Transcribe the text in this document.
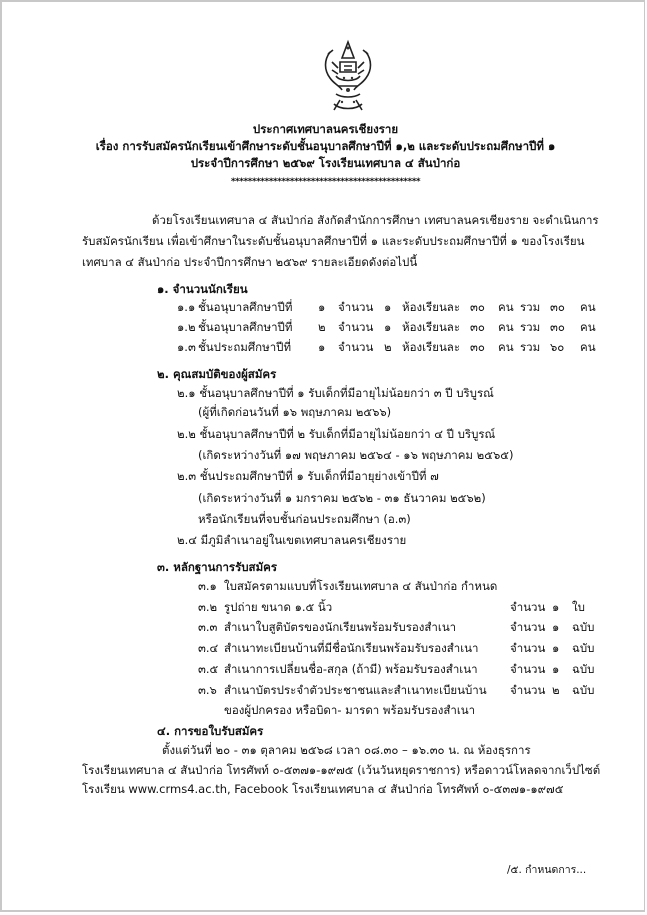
ประกาศเทศบาลนครเชียงราย
เรื่อง การรับสมัครนักเรียนเข้าศึกษาระดับชั้นอนุบาลศึกษาปีที่ ๑,๒ และระดับประถมศึกษาปีที่ ๑
ประจำปีการศึกษา ๒๕๖๙ โรงเรียนเทศบาล ๔ สันป่าก่อ
*********************************************
ด้วยโรงเรียนเทศบาล ๔ สันป่าก่อ สังกัดสำนักการศึกษา เทศบาลนครเชียงราย จะดำเนินการ
รับสมัครนักเรียน เพื่อเข้าศึกษาในระดับชั้นอนุบาลศึกษาปีที่ ๑ และระดับประถมศึกษาปีที่ ๑ ของโรงเรียน
เทศบาล ๔ สันป่าก่อ ประจำปีการศึกษา ๒๕๖๙ รายละเอียดดังต่อไปนี้
๑. จำนวนนักเรียน
๑.๑ ชั้นอนุบาลศึกษาปีที่ ๑ จำนวน ๑ ห้องเรียนละ ๓๐ คน รวม ๓๐ คน
๑.๒ ชั้นอนุบาลศึกษาปีที่ ๒ จำนวน ๑ ห้องเรียนละ ๓๐ คน รวม ๓๐ คน
๑.๓ ชั้นประถมศึกษาปีที่ ๑ จำนวน ๒ ห้องเรียนละ ๓๐ คน รวม ๖๐ คน
๒. คุณสมบัติของผู้สมัคร
๒.๑ ชั้นอนุบาลศึกษาปีที่ ๑ รับเด็กที่มีอายุไม่น้อยกว่า ๓ ปี บริบูรณ์
(ผู้ที่เกิดก่อนวันที่ ๑๖ พฤษภาคม ๒๕๖๖)
๒.๒ ชั้นอนุบาลศึกษาปีที่ ๒ รับเด็กที่มีอายุไม่น้อยกว่า ๔ ปี บริบูรณ์
(เกิดระหว่างวันที่ ๑๗ พฤษภาคม ๒๕๖๔ - ๑๖ พฤษภาคม ๒๕๖๕)
๒.๓ ชั้นประถมศึกษาปีที่ ๑ รับเด็กที่มีอายุย่างเข้าปีที่ ๗
(เกิดระหว่างวันที่ ๑ มกราคม ๒๕๖๒ - ๓๑ ธันวาคม ๒๕๖๒)
หรือนักเรียนที่จบชั้นก่อนประถมศึกษา (อ.๓)
๒.๔ มีภูมิลำเนาอยู่ในเขตเทศบาลนครเชียงราย
๓. หลักฐานการรับสมัคร
๓.๑ ใบสมัครตามแบบที่โรงเรียนเทศบาล ๔ สันป่าก่อ กำหนด
๓.๒ รูปถ่าย ขนาด ๑.๕ นิ้ว	จำนวน ๑ ใบ
๓.๓ สำเนาใบสูติบัตรของนักเรียนพร้อมรับรองสำเนา	จำนวน ๑ ฉบับ
๓.๔ สำเนาทะเบียนบ้านที่มีชื่อนักเรียนพร้อมรับรองสำเนา	จำนวน ๑ ฉบับ
๓.๕ สำเนาการเปลี่ยนชื่อ-สกุล (ถ้ามี) พร้อมรับรองสำเนา	จำนวน ๑ ฉบับ
๓.๖ สำเนาบัตรประจำตัวประชาชนและสำเนาทะเบียนบ้าน จำนวน ๒ ฉบับ
ของผู้ปกครอง หรือบิดา- มารดา พร้อมรับรองสำเนา
๔. การขอใบรับสมัคร
ตั้งแต่วันที่ ๒๐ - ๓๑ ตุลาคม ๒๕๖๘ เวลา ๐๘.๓๐ – ๑๖.๓๐ น. ณ ห้องธุรการ
โรงเรียนเทศบาล ๔ สันป่าก่อ โทรศัพท์ ๐-๕๓๗๑-๑๙๗๕ (เว้นวันหยุดราชการ) หรือดาวน์โหลดจากเว็ปไซต์
โรงเรียน www.crms4.ac.th, Facebook โรงเรียนเทศบาล ๔ สันป่าก่อ โทรศัพท์ ๐-๕๓๗๑-๑๙๗๕
/๕. กำหนดการ...
